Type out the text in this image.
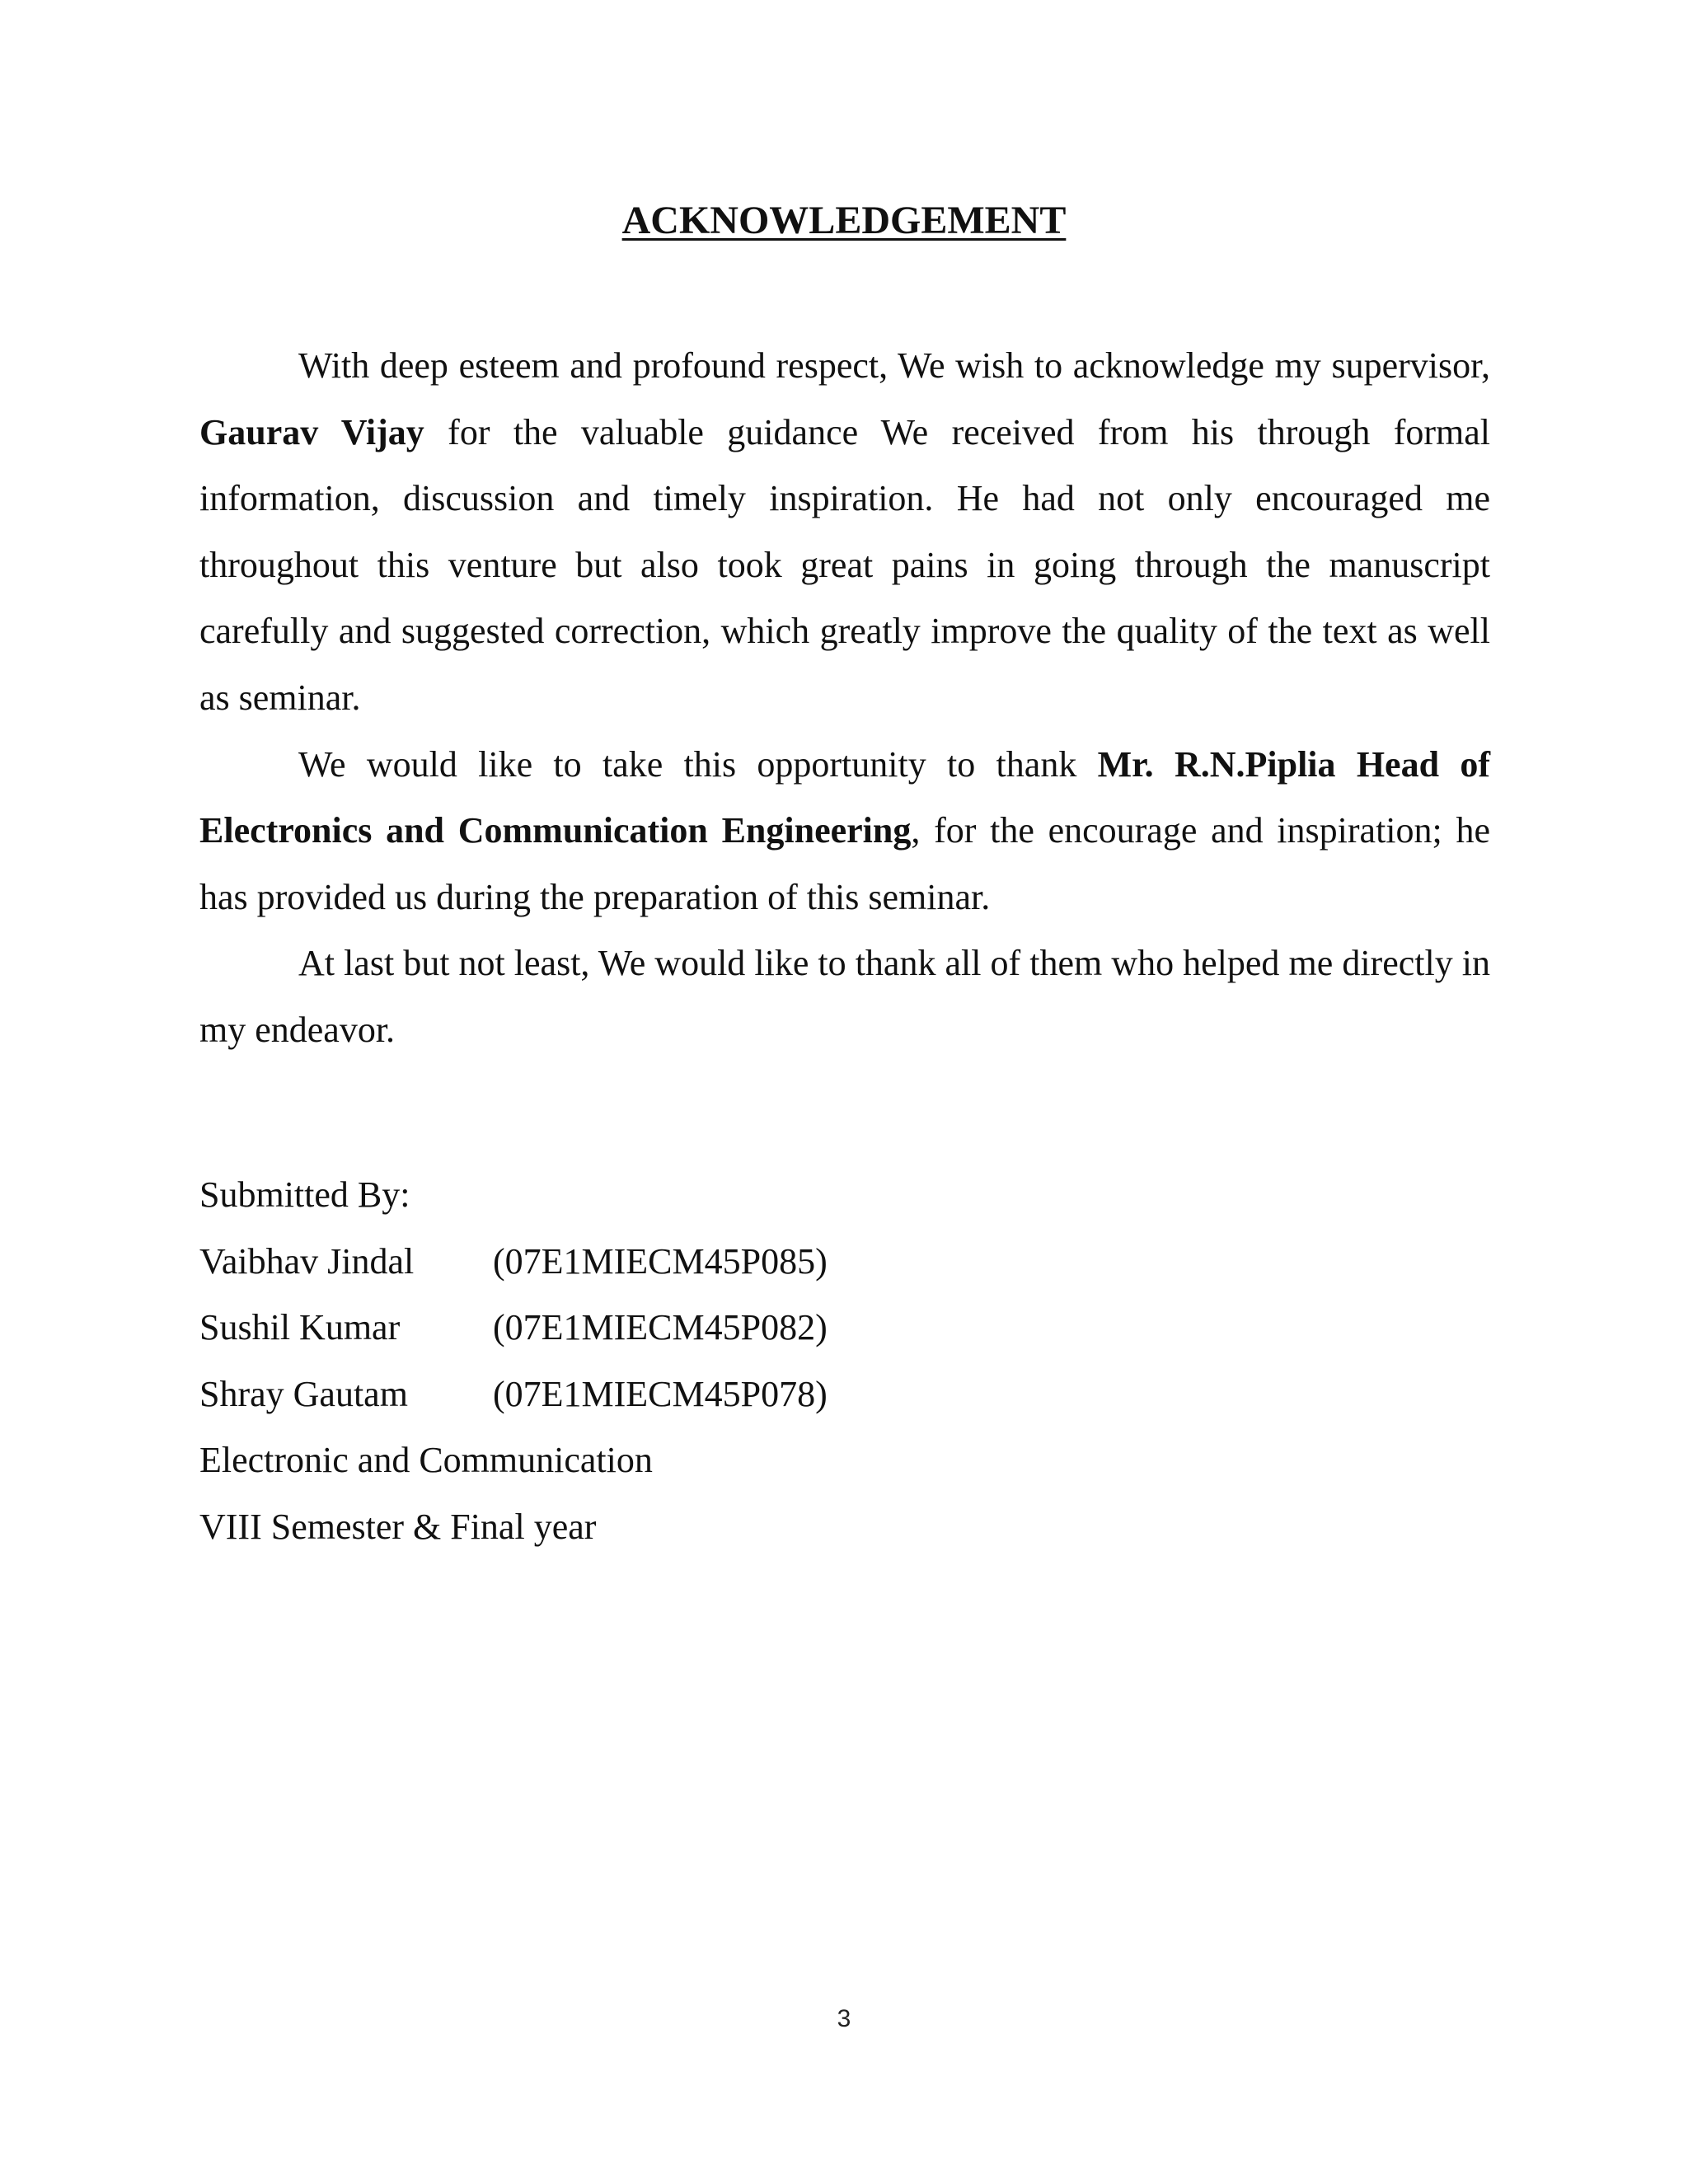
ACKNOWLEDGEMENT

With deep esteem and profound respect, We wish to acknowledge my supervisor, Gaurav Vijay for the valuable guidance We received from his through formal information, discussion and timely inspiration. He had not only encouraged me throughout this venture but also took great pains in going through the manuscript carefully and suggested correction, which greatly improve the quality of the text as well as seminar.

We would like to take this opportunity to thank Mr. R.N.Piplia Head of Electronics and Communication Engineering, for the encourage and inspiration; he has provided us during the preparation of this seminar.

At last but not least, We would like to thank all of them who helped me directly in my endeavor.

Submitted By:
Vaibhav Jindal	(07E1MIECM45P085)
Sushil Kumar	(07E1MIECM45P082)
Shray Gautam	(07E1MIECM45P078)
Electronic and Communication
VIII Semester & Final year
3
